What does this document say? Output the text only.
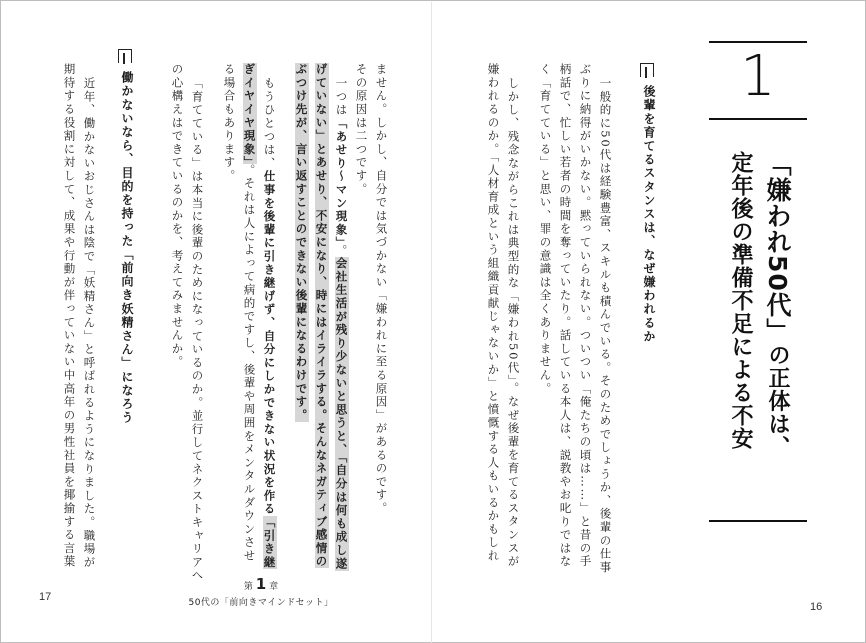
1
「嫌われ50代」の正体は、
定年後の準備不足による不安
一般的に50代は経験豊富、スキルも積んでいる。そのためでしょうか、後輩の仕事
ぶりに納得がいかない。黙っていられない。ついつい「俺たちの頃は……」と昔の手
柄話で、忙しい若者の時間を奪っていたり。話している本人は、説教やお叱りではな
く「育てている」と思い、罪の意識は全くありません。
しかし、残念ながらこれは典型的な「嫌われ50代」。なぜ後輩を育てるスタンスが
嫌われるのか。「人材育成という組織貢献じゃないか」と憤慨する人もいるかもしれ
16
後輩を育てるスタンスは、なぜ嫌われるか
ません。しかし、自分では気づかない「嫌われに至る原因」があるのです。
その原因は二つです。
一つは「あせり～マン現象」。会社生活が残り少ないと思うと、「自分は何も成し遂
げていない」とあせり、不安になり、時にはイライラする。そんなネガティブ感情の
ぶつけ先が、言い返すことのできない後輩になるわけです。
もうひとつは、仕事を後輩に引き継げず、自分にしかできない状況を作る「引き継
ぎイヤイヤ現象」。それは人によって病的ですし、後輩や周囲をメンタルダウンさせ
る場合もあります。
「育てている」は本当に後輩のためになっているのか。並行してネクストキャリアへ
の心構えはできているのかを、考えてみませんか。
働かないなら、目的を持った「前向き妖精さん」になろう
近年、働かないおじさんは陰で「妖精さん」と呼ばれるようになりました。職場が
期待する役割に対して、成果や行動が伴っていない中高年の男性社員を揶揄する言葉
第 1 章
50代の「前向きマインドセット」
17
